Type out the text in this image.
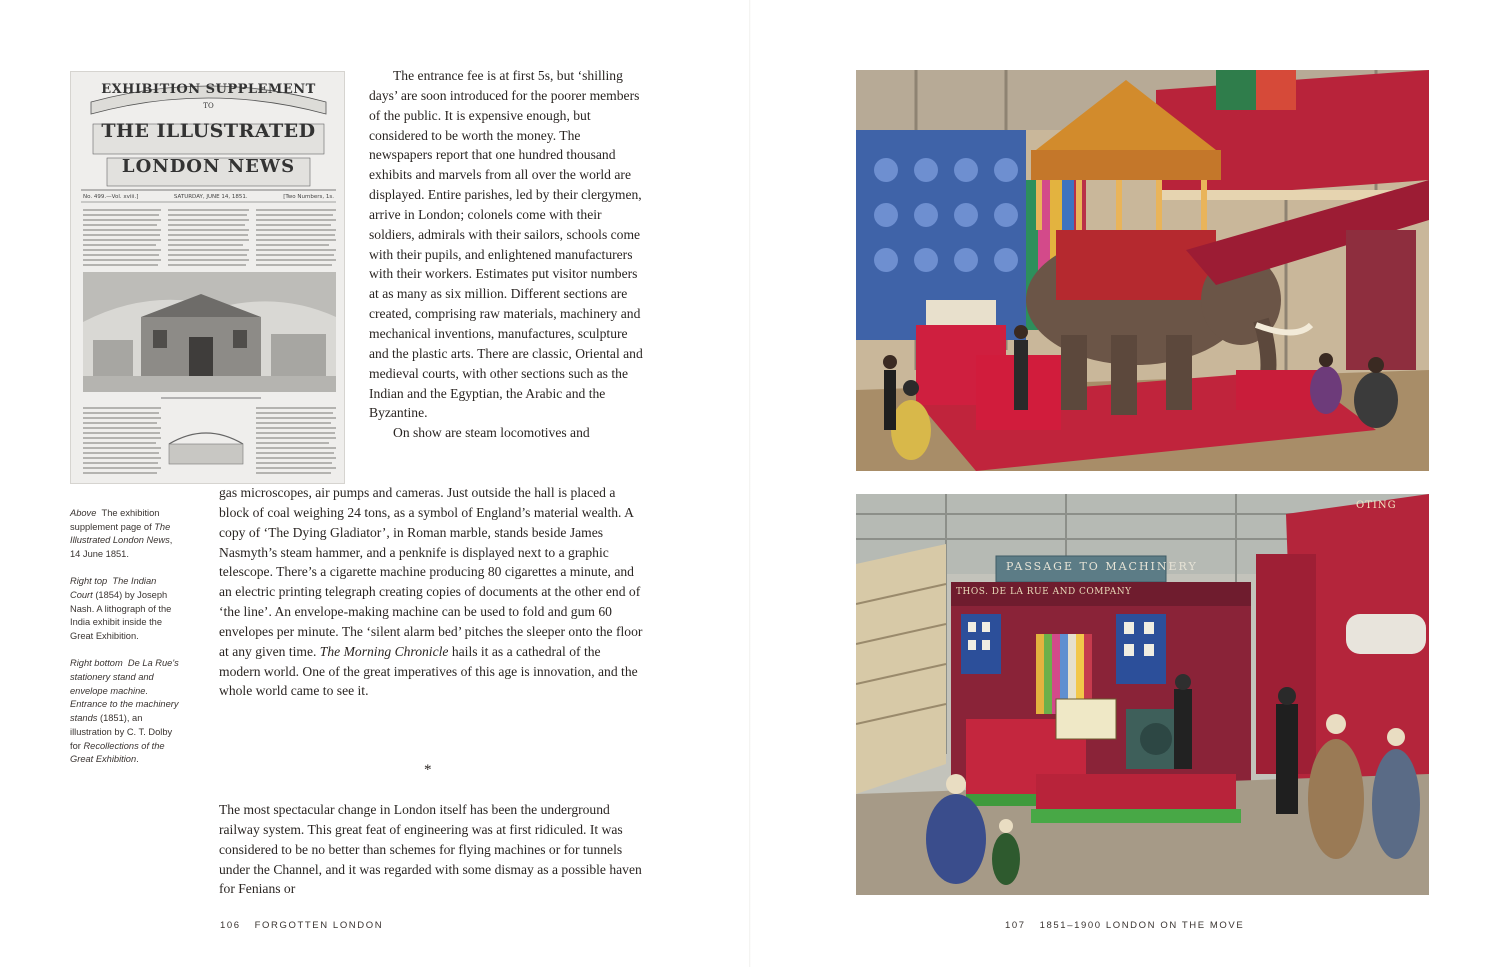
EXHIBITION SUPPLEMENT
TO
THE ILLUSTRATED
LONDON NEWS
No. 499.—Vol. xviii.]	SATURDAY, JUNE 14, 1851.	[Two Numbers, 1s.

Above The exhibition supplement page of The Illustrated London News, 14 June 1851.

Right top The Indian Court (1854) by Joseph Nash. A lithograph of the India exhibit inside the Great Exhibition.

Right bottom De La Rue's stationery stand and envelope machine. Entrance to the machinery stands (1851), an illustration by C. T. Dolby for Recollections of the Great Exhibition.

The entrance fee is at first 5s, but ‘shilling days’ are soon introduced for the poorer members of the public. It is expensive enough, but considered to be worth the money. The newspapers report that one hundred thousand exhibits and marvels from all over the world are displayed. Entire parishes, led by their clergymen, arrive in London; colonels come with their soldiers, admirals with their sailors, schools come with their pupils, and enlightened manufacturers with their workers. Estimates put visitor numbers at as many as six million. Different sections are created, comprising raw materials, machinery and mechanical inventions, manufactures, sculpture and the plastic arts. There are classic, Oriental and medieval courts, with other sections such as the Indian and the Egyptian, the Arabic and the Byzantine.

On show are steam locomotives and

gas microscopes, air pumps and cameras. Just outside the hall is placed a block of coal weighing 24 tons, as a symbol of England’s material wealth. A copy of ‘The Dying Gladiator’, in Roman marble, stands beside James Nasmyth’s steam hammer, and a penknife is displayed next to a graphic telescope. There’s a cigarette machine producing 80 cigarettes a minute, and an electric printing telegraph creating copies of documents at the other end of ‘the line’. An envelope-making machine can be used to fold and gum 60 envelopes per minute. The ‘silent alarm bed’ pitches the sleeper onto the floor at any given time. The Morning Chronicle hails it as a cathedral of the modern world. One of the great imperatives of this age is innovation, and the whole world came to see it.

*

The most spectacular change in London itself has been the underground railway system. This great feat of engineering was at first ridiculed. It was considered to be no better than schemes for flying machines or for tunnels under the Channel, and it was regarded with some dismay as a possible haven for Fenians or

PASSAGE TO MACHINERY
THOS. DE LA RUE AND COMPANY
OTING
106 FORGOTTEN LONDON	107 1851–1900 LONDON ON THE MOVE
